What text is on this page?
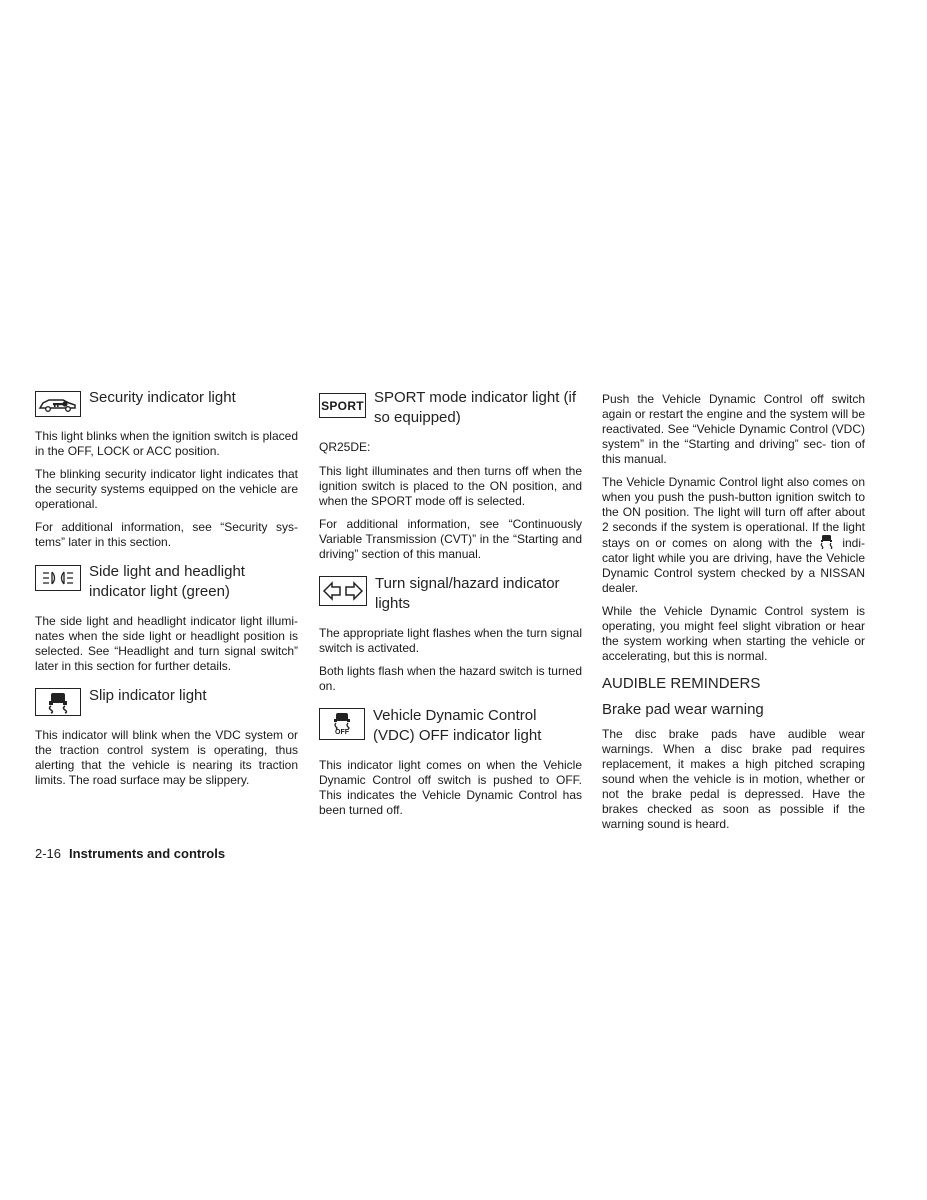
Security indicator light

This light blinks when the ignition switch is placed in the OFF, LOCK or ACC position.

The blinking security indicator light indicates that the security systems equipped on the vehicle are operational.

For additional information, see “Security sys- tems” later in this section.

Side light and headlight indicator light (green)

The side light and headlight indicator light illumi- nates when the side light or headlight position is selected. See “Headlight and turn signal switch” later in this section for further details.

Slip indicator light

This indicator will blink when the VDC system or the traction control system is operating, thus alerting that the vehicle is nearing its traction limits. The road surface may be slippery.

SPORT SPORT mode indicator light (if so equipped)

QR25DE:

This light illuminates and then turns off when the ignition switch is placed to the ON position, and when the SPORT mode off is selected.

For additional information, see “Continuously Variable Transmission (CVT)” in the “Starting and driving” section of this manual.

Turn signal/hazard indicator lights

The appropriate light flashes when the turn signal switch is activated.

Both lights flash when the hazard switch is turned on.

OFF
Vehicle Dynamic Control (VDC) OFF indicator light

This indicator light comes on when the Vehicle Dynamic Control off switch is pushed to OFF. This indicates the Vehicle Dynamic Control has been turned off.

Push the Vehicle Dynamic Control off switch again or restart the engine and the system will be reactivated. See “Vehicle Dynamic Control (VDC) system” in the “Starting and driving” sec- tion of this manual.

The Vehicle Dynamic Control light also comes on when you push the push-button ignition switch to the ON position. The light will turn off after about 2 seconds if the system is operational. If the light stays on or comes on along with the	indi- cator light while you are driving, have the Vehicle Dynamic Control system checked by a NISSAN dealer.

While the Vehicle Dynamic Control system is operating, you might feel slight vibration or hear the system working when starting the vehicle or accelerating, but this is normal.

AUDIBLE REMINDERS
Brake pad wear warning

The disc brake pads have audible wear warnings. When a disc brake pad requires replacement, it makes a high pitched scraping sound when the vehicle is in motion, whether or not the brake pedal is depressed. Have the brakes checked as soon as possible if the warning sound is heard.

2-16 Instruments and controls
